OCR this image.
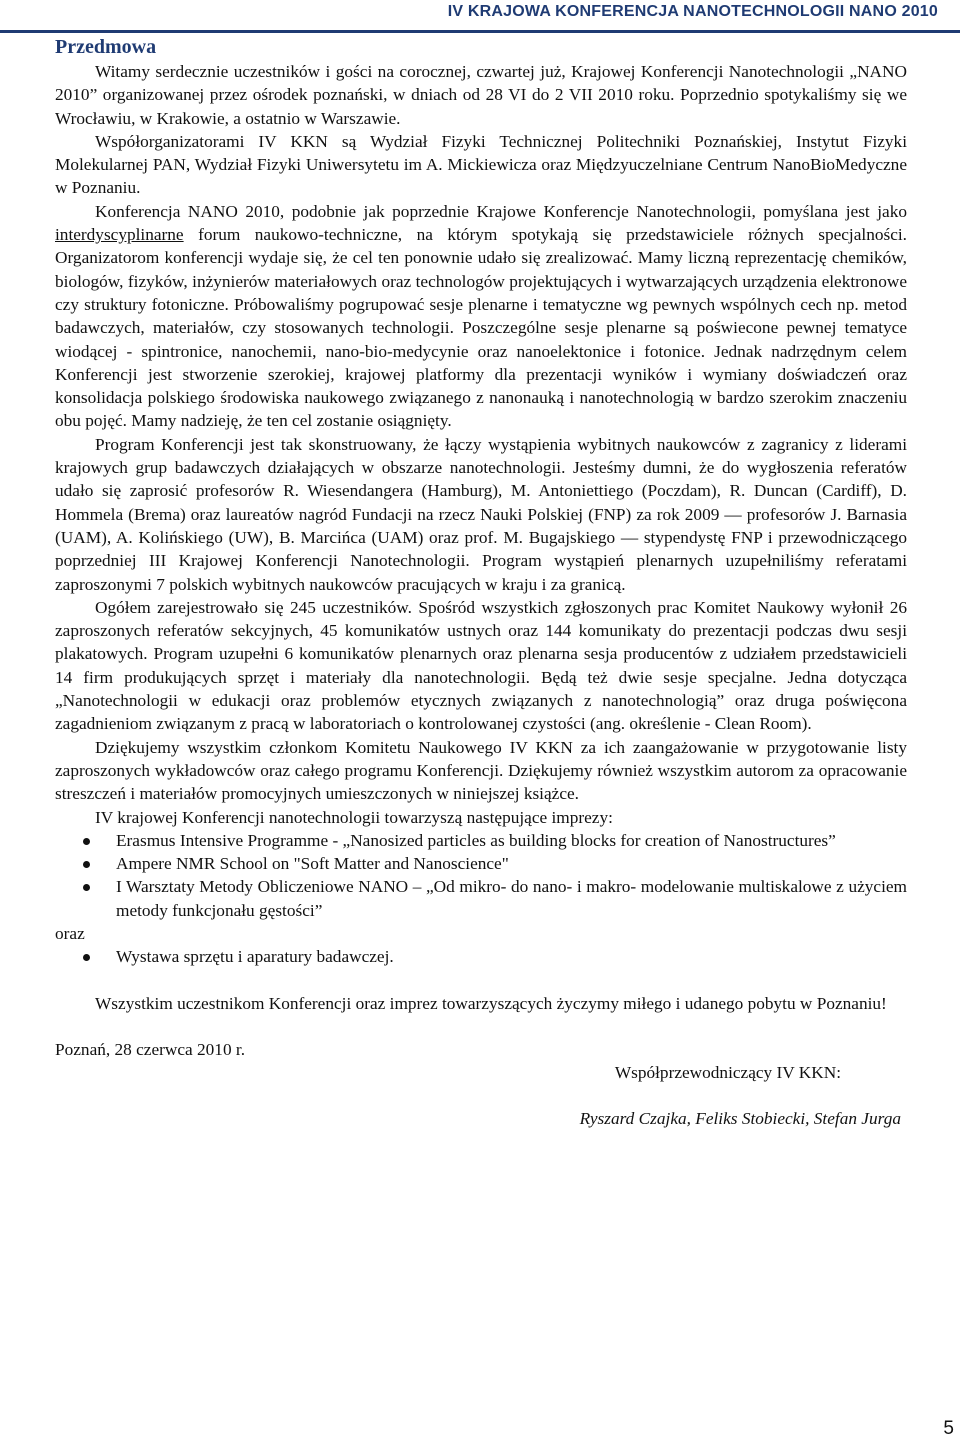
IV KRAJOWA KONFERENCJA NANOTECHNOLOGII NANO 2010
Przedmowa

Witamy serdecznie uczestników i gości na corocznej, czwartej już, Krajowej Konferencji Nanotechnologii „NANO 2010” organizowanej przez ośrodek poznański, w dniach od 28 VI do 2 VII 2010 roku. Poprzednio spotykaliśmy się we Wrocławiu, w Krakowie, a ostatnio w Warszawie.

Współorganizatorami IV KKN są Wydział Fizyki Technicznej Politechniki Poznańskiej, Instytut Fizyki Molekularnej PAN, Wydział Fizyki Uniwersytetu im A. Mickiewicza oraz Międzyuczelniane Centrum NanoBioMedyczne w Poznaniu.

Konferencja NANO 2010, podobnie jak poprzednie Krajowe Konferencje Nanotechnologii, pomyślana jest jako interdyscyplinarne forum naukowo-techniczne, na którym spotykają się przedstawiciele różnych specjalności. Organizatorom konferencji wydaje się, że cel ten ponownie udało się zrealizować. Mamy liczną reprezentację chemików, biologów, fizyków, inżynierów materiałowych oraz technologów projektujących i wytwarzających urządzenia elektronowe czy struktury fotoniczne. Próbowaliśmy pogrupować sesje plenarne i tematyczne wg pewnych wspólnych cech np. metod badawczych, materiałów, czy stosowanych technologii. Poszczególne sesje plenarne są poświecone pewnej tematyce wiodącej - spintronice, nanochemii, nano-bio-medycynie oraz nanoelektonice i fotonice. Jednak nadrzędnym celem Konferencji jest stworzenie szerokiej, krajowej platformy dla prezentacji wyników i wymiany doświadczeń oraz konsolidacja polskiego środowiska naukowego związanego z nanonauką i nanotechnologią w bardzo szerokim znaczeniu obu pojęć. Mamy nadzieję, że ten cel zostanie osiągnięty.

Program Konferencji jest tak skonstruowany, że łączy wystąpienia wybitnych naukowców z zagranicy z liderami krajowych grup badawczych działających w obszarze nanotechnologii. Jesteśmy dumni, że do wygłoszenia referatów udało się zaprosić profesorów R. Wiesendangera (Hamburg), M. Antoniettiego (Poczdam), R. Duncan (Cardiff), D. Hommela (Brema) oraz laureatów nagród Fundacji na rzecz Nauki Polskiej (FNP) za rok 2009 — profesorów J. Barnasia (UAM), A. Kolińskiego (UW), B. Marcińca (UAM) oraz prof. M. Bugajskiego — stypendystę FNP i przewodniczącego poprzedniej III Krajowej Konferencji Nanotechnologii. Program wystąpień plenarnych uzupełniliśmy referatami zaproszonymi 7 polskich wybitnych naukowców pracujących w kraju i za granicą.

Ogółem zarejestrowało się 245 uczestników. Spośród wszystkich zgłoszonych prac Komitet Naukowy wyłonił 26 zaproszonych referatów sekcyjnych, 45 komunikatów ustnych oraz 144 komunikaty do prezentacji podczas dwu sesji plakatowych. Program uzupełni 6 komunikatów plenarnych oraz plenarna sesja producentów z udziałem przedstawicieli 14 firm produkujących sprzęt i materiały dla nanotechnologii. Będą też dwie sesje specjalne. Jedna dotycząca „Nanotechnologii w edukacji oraz problemów etycznych związanych z nanotechnologią” oraz druga poświęcona zagadnieniom związanym z pracą w laboratoriach o kontrolowanej czystości (ang. określenie - Clean Room).

Dziękujemy wszystkim członkom Komitetu Naukowego IV KKN za ich zaangażowanie w przygotowanie listy zaproszonych wykładowców oraz całego programu Konferencji. Dziękujemy również wszystkim autorom za opracowanie streszczeń i materiałów promocyjnych umieszczonych w niniejszej książce.

IV krajowej Konferencji nanotechnologii towarzyszą następujące imprezy:

Erasmus Intensive Programme - „Nanosized particles as building blocks for creation of Nanostructures”
Ampere NMR School on "Soft Matter and Nanoscience"
I Warsztaty Metody Obliczeniowe NANO – „Od mikro- do nano- i makro- modelowanie multiskalowe z użyciem metody funkcjonału gęstości”

oraz

Wystawa sprzętu i aparatury badawczej.

Wszystkim uczestnikom Konferencji oraz imprez towarzyszących życzymy miłego i udanego pobytu w Poznaniu!

Poznań, 28 czerwca 2010 r.

Współprzewodniczący IV KKN:

Ryszard Czajka, Feliks Stobiecki, Stefan Jurga

5
